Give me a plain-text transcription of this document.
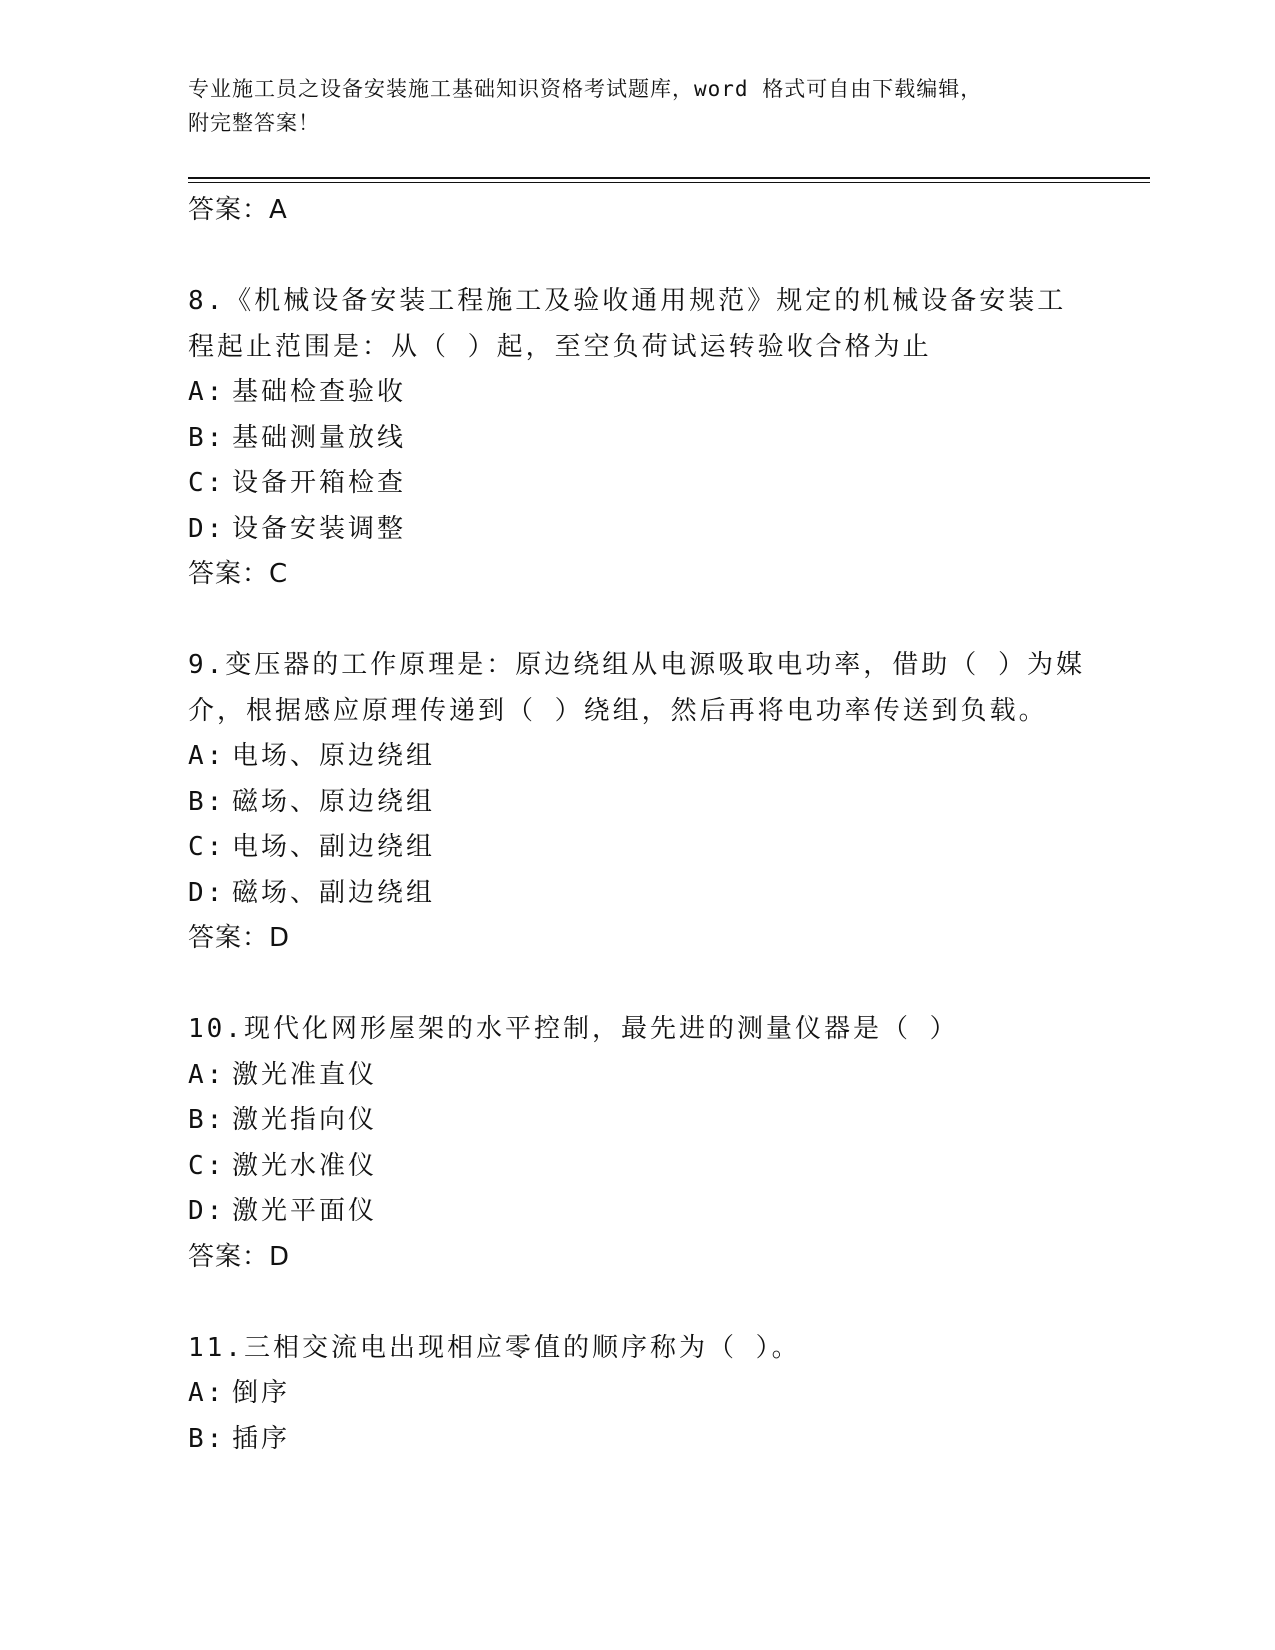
专业施工员之设备安装施工基础知识资格考试题库，word 格式可自由下载编辑，
附完整答案！
答案：A
8.《机械设备安装工程施工及验收通用规范》规定的机械设备安装工
程起止范围是：从（ ）起，至空负荷试运转验收合格为止
A: 基础检查验收
B: 基础测量放线
C: 设备开箱检查
D: 设备安装调整
答案：C
9.变压器的工作原理是：原边绕组从电源吸取电功率，借助（ ）为媒
介，根据感应原理传递到（ ）绕组，然后再将电功率传送到负载。
A: 电场、原边绕组
B: 磁场、原边绕组
C: 电场、副边绕组
D: 磁场、副边绕组
答案：D
10.现代化网形屋架的水平控制，最先进的测量仪器是（ ）
A: 激光准直仪
B: 激光指向仪
C: 激光水准仪
D: 激光平面仪
答案：D
11.三相交流电出现相应零值的顺序称为（ ）。
A: 倒序
B: 插序
